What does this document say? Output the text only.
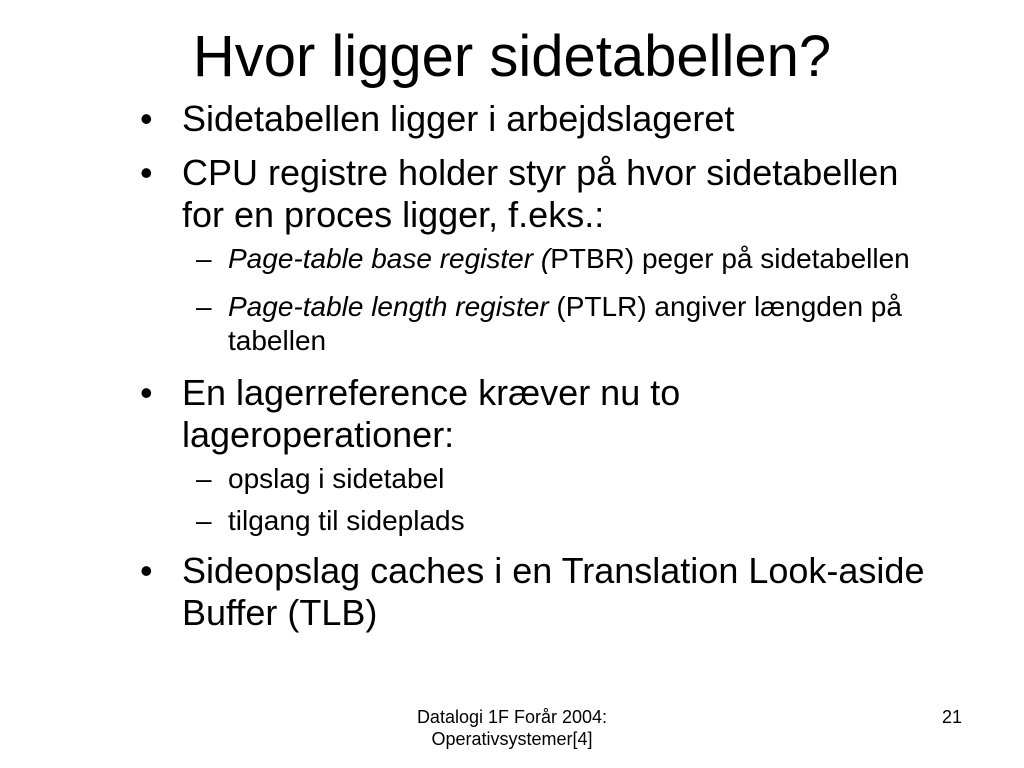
Hvor ligger sidetabellen?
• Sidetabellen ligger i arbejdslageret
• CPU registre holder styr på hvor sidetabellen for en proces ligger, f.eks.:
– Page-table base register (PTBR) peger på sidetabellen
– Page-table length register (PTLR) angiver længden på tabellen
• En lagerreference kræver nu to lageroperationer:
– opslag i sidetabel
– tilgang til sideplads
• Sideopslag caches i en Translation Look-aside Buffer (TLB)
Datalogi 1F Forår 2004:
Operativsystemer[4]
21
